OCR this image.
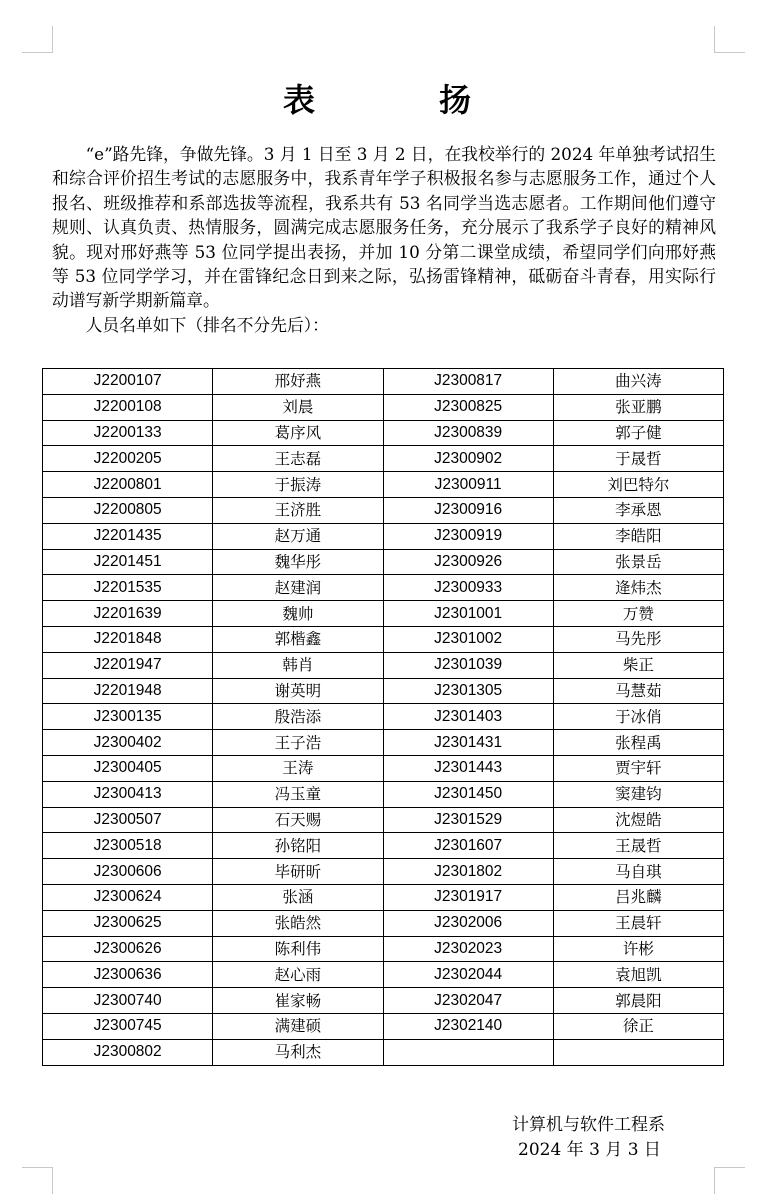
表	扬

“e”路先锋，争做先锋。3 月 1 日至 3 月 2 日，在我校举行的 2024 年单独考试招生和综合评价招生考试的志愿服务中，我系青年学子积极报名参与志愿服务工作，通过个人报名、班级推荐和系部选拔等流程，我系共有 53 名同学当选志愿者。工作期间他们遵守规则、认真负责、热情服务，圆满完成志愿服务任务，充分展示了我系学子良好的精神风貌。现对邢妤燕等 53 位同学提出表扬，并加 10 分第二课堂成绩，希望同学们向邢妤燕等 53 位同学学习，并在雷锋纪念日到来之际，弘扬雷锋精神，砥砺奋斗青春，用实际行动谱写新学期新篇章。

人员名单如下（排名不分先后）：

J2200107	邢妤燕	J2300817	曲兴涛
J2200108	刘晨	J2300825	张亚鹏
J2200133	葛序风	J2300839	郭子健
J2200205	王志磊	J2300902	于晟哲
J2200801	于振涛	J2300911	刘巴特尔
J2200805	王济胜	J2300916	李承恩
J2201435	赵万通	J2300919	李皓阳
J2201451	魏华彤	J2300926	张景岳
J2201535	赵建润	J2300933	逄炜杰
J2201639	魏帅	J2301001	万赞
J2201848	郭楷鑫	J2301002	马先彤
J2201947	韩肖	J2301039	柴正
J2201948	谢英明	J2301305	马慧茹
J2300135	殷浩添	J2301403	于冰俏
J2300402	王子浩	J2301431	张程禹
J2300405	王涛	J2301443	贾宇轩
J2300413	冯玉童	J2301450	窦建钧
J2300507	石天赐	J2301529	沈煜皓
J2300518	孙铭阳	J2301607	王晟哲
J2300606	毕研昕	J2301802	马自琪
J2300624	张涵	J2301917	吕兆麟
J2300625	张皓然	J2302006	王晨轩
J2300626	陈利伟	J2302023	许彬
J2300636	赵心雨	J2302044	袁旭凯
J2300740	崔家畅	J2302047	郭晨阳
J2300745	满建硕	J2302140	徐正
J2300802	马利杰		
计算机与软件工程系
2024 年 3 月 3 日
